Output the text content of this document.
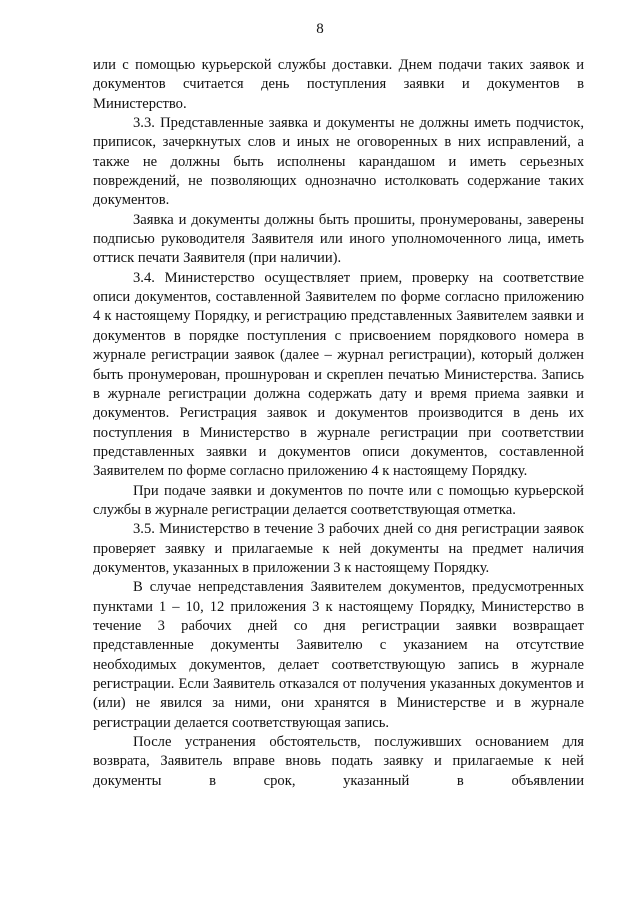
8

или с помощью курьерской службы доставки. Днем подачи таких заявок и документов считается день поступления заявки и документов в Министерство.

3.3. Представленные заявка и документы не должны иметь подчисток, приписок, зачеркнутых слов и иных не оговоренных в них исправлений, а также не должны быть исполнены карандашом и иметь серьезных повреждений, не позволяющих однозначно истолковать содержание таких документов.

Заявка и документы должны быть прошиты, пронумерованы, заверены подписью руководителя Заявителя или иного уполномоченного лица, иметь оттиск печати Заявителя (при наличии).

3.4. Министерство осуществляет прием, проверку на соответствие описи документов, составленной Заявителем по форме согласно приложению 4 к настоящему Порядку, и регистрацию представленных Заявителем заявки и документов в порядке поступления с присвоением порядкового номера в журнале регистрации заявок (далее – журнал регистрации), который должен быть пронумерован, прошнурован и скреплен печатью Министерства. Запись в журнале регистрации должна содержать дату и время приема заявки и документов. Регистрация заявок и документов производится в день их поступления в Министерство в журнале регистрации при соответствии представленных заявки и документов описи документов, составленной Заявителем по форме согласно приложению 4 к настоящему Порядку.

При подаче заявки и документов по почте или с помощью курьерской службы в журнале регистрации делается соответствующая отметка.

3.5. Министерство в течение 3 рабочих дней со дня регистрации заявок проверяет заявку и прилагаемые к ней документы на предмет наличия документов, указанных в приложении 3 к настоящему Порядку.

В случае непредставления Заявителем документов, предусмотренных пунктами 1 – 10, 12 приложения 3 к настоящему Порядку, Министерство в течение 3 рабочих дней со дня регистрации заявки возвращает представленные документы Заявителю с указанием на отсутствие необходимых документов, делает соответствующую запись в журнале регистрации. Если Заявитель отказался от получения указанных документов и (или) не явился за ними, они хранятся в Министерстве и в журнале регистрации делается соответствующая запись.

После устранения обстоятельств, послуживших основанием для возврата, Заявитель вправе вновь подать заявку и прилагаемые к ней документы в срок, указанный в объявлении
